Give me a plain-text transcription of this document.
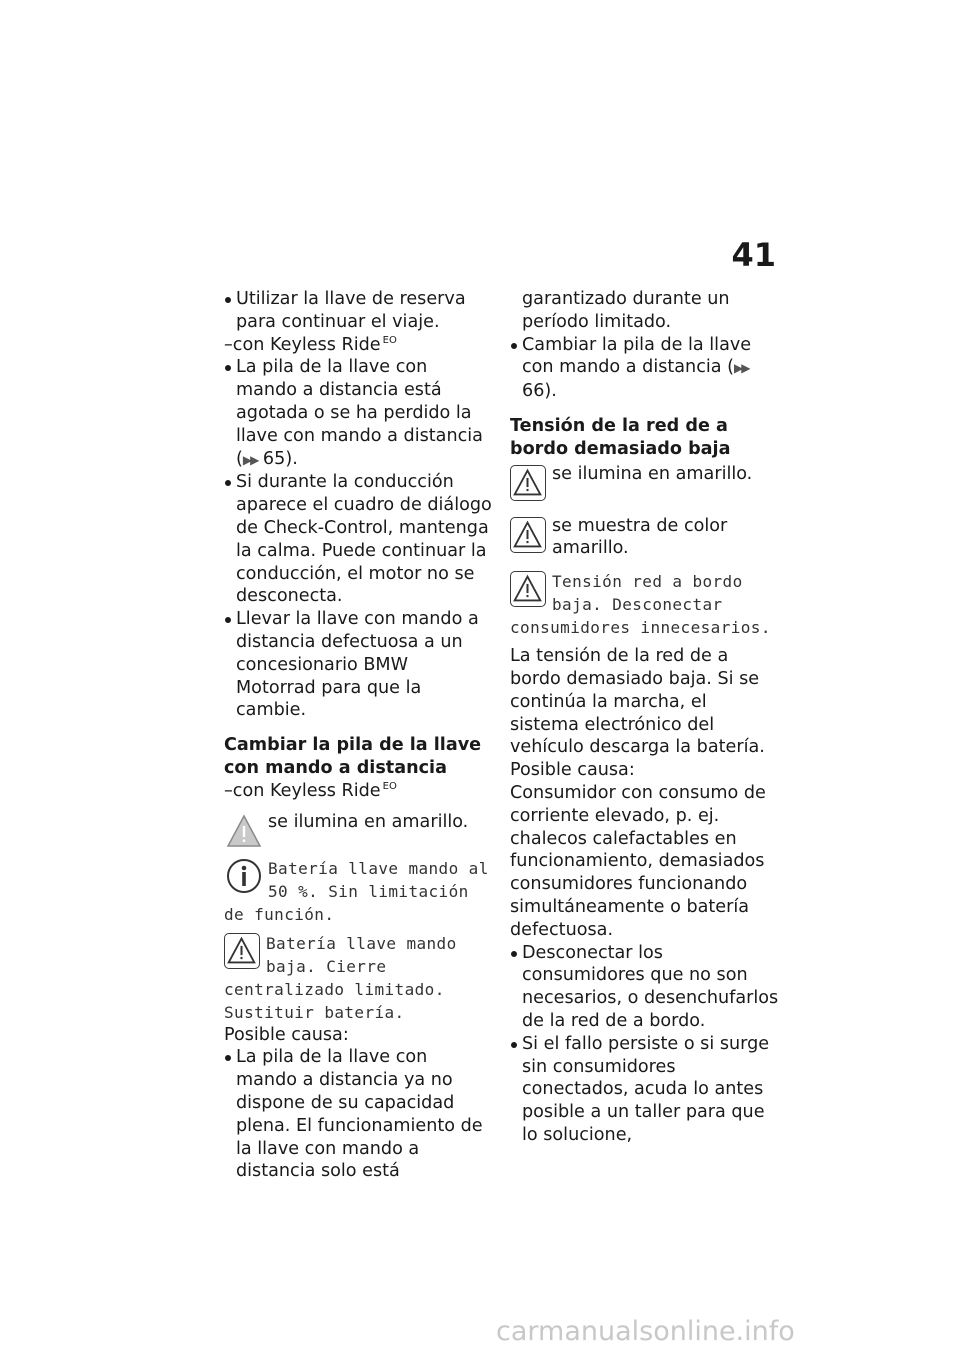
41

Utilizar la llave de reserva para continuar el viaje.

–con Keyless Ride $^{EO}$

La pila de la llave con mando a distancia está agotada o se ha perdido la llave con mando a distancia (▶▶ 65).

Si durante la conducción aparece el cuadro de diálogo de Check-Control, mantenga la calma. Puede continuar la conducción, el motor no se desconecta.

Llevar la llave con mando a distancia defectuosa a un concesionario BMW Motorrad para que la cambie.

Cambiar la pila de la llave con mando a distancia

–con Keyless Ride $^{EO}$

se ilumina en amarillo.
Batería llave mando al 50 %. Sin limitación de función.
Batería llave mando baja. Cierre centralizado limitado. Sustituir batería.

Posible causa:

La pila de la llave con mando a distancia ya no dispone de su capacidad plena. El funcionamiento de la llave con mando a distancia solo está

garantizado durante un período limitado.

Cambiar la pila de la llave con mando a distancia (▶▶ 66).

Tensión de la red de a bordo demasiado baja

se ilumina en amarillo.
se muestra de color amarillo.
Tensión red a bordo baja. Desconectar consumidores innecesarios.

La tensión de la red de a bordo demasiado baja. Si se continúa la marcha, el sistema electrónico del vehículo descarga la batería.

Posible causa:

Consumidor con consumo de corriente elevado, p. ej. chalecos calefactables en funcionamiento, demasiados consumidores funcionando simultáneamente o batería defectuosa.

Desconectar los consumidores que no son necesarios, o desenchufarlos de la red de a bordo.

Si el fallo persiste o si surge sin consumidores conectados, acuda lo antes posible a un taller para que lo solucione,

carmanualsonline.info
